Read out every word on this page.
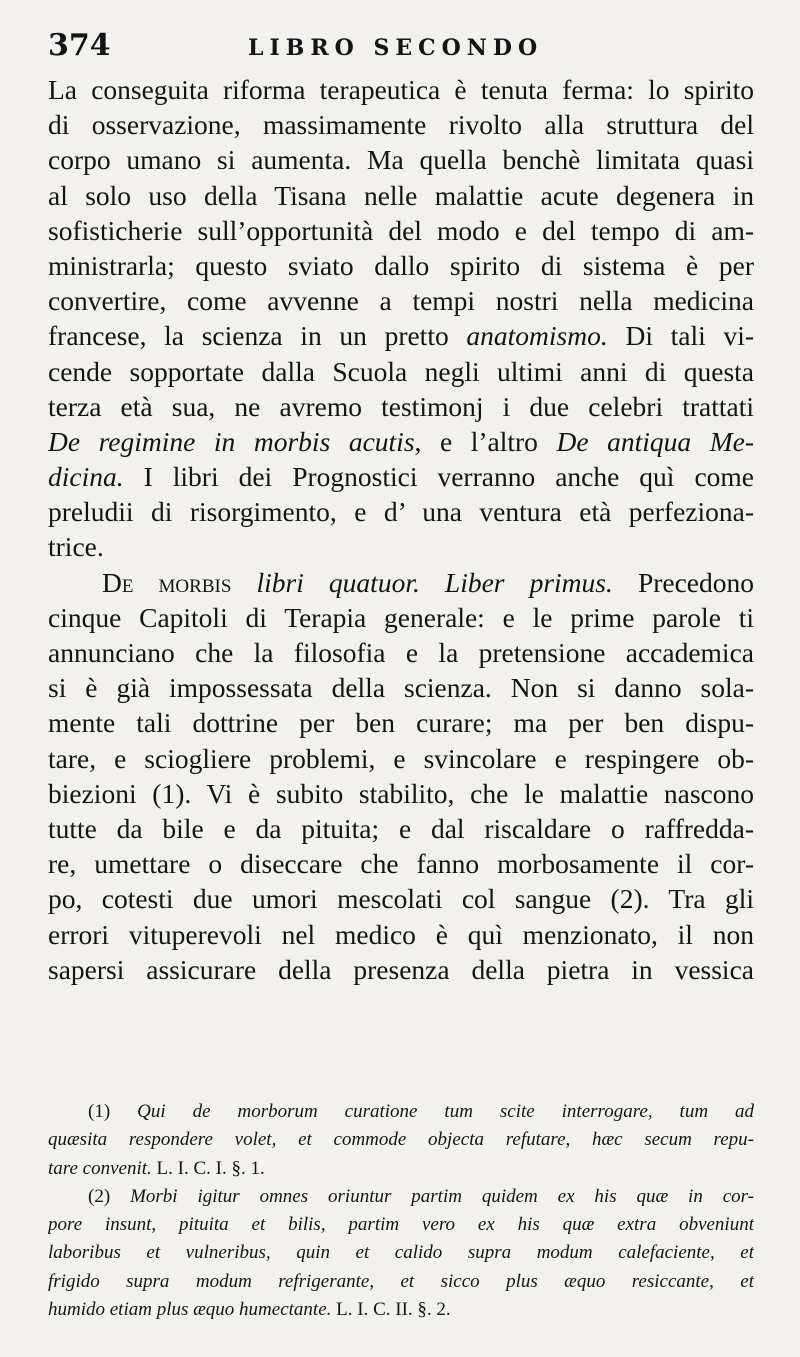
374	LIBRO SECONDO

La conseguita riforma terapeutica è tenuta ferma: lo spirito
di osservazione, massimamente rivolto alla struttura del
corpo umano si aumenta. Ma quella benchè limitata quasi
al solo uso della Tisana nelle malattie acute degenera in
sofisticherie sull’opportunità del modo e del tempo di am-
ministrarla; questo sviato dallo spirito di sistema è per
convertire, come avvenne a tempi nostri nella medicina
francese, la scienza in un pretto anatomismo. Di tali vi-
cende sopportate dalla Scuola negli ultimi anni di questa
terza età sua, ne avremo testimonj i due celebri trattati
De regimine in morbis acutis, e l’altro De antiqua Me-
dicina. I libri dei Prognostici verranno anche quì come
preludii di risorgimento, e d’ una ventura età perfeziona-
trice.

De morbis libri quatuor. Liber primus. Precedono
cinque Capitoli di Terapia generale: e le prime parole ti
annunciano che la filosofia e la pretensione accademica
si è già impossessata della scienza. Non si danno sola-
mente tali dottrine per ben curare; ma per ben dispu-
tare, e sciogliere problemi, e svincolare e respingere ob-
biezioni (1). Vi è subito stabilito, che le malattie nascono
tutte da bile e da pituita; e dal riscaldare o raffredda-
re, umettare o diseccare che fanno morbosamente il cor-
po, cotesti due umori mescolati col sangue (2). Tra gli
errori vituperevoli nel medico è quì menzionato, il non
sapersi assicurare della presenza della pietra in vessica

(1) Qui de morborum curatione tum scite interrogare, tum ad
quæsita respondere volet, et commode objecta refutare, hæc secum repu-
tare convenit. L. I. C. I. §. 1.

(2) Morbi igitur omnes oriuntur partim quidem ex his quæ in cor-
pore insunt, pituita et bilis, partim vero ex his quæ extra obveniunt
laboribus et vulneribus, quin et calido supra modum calefaciente, et
frigido supra modum refrigerante, et sicco plus æquo resiccante, et
humido etiam plus æquo humectante. L. I. C. II. §. 2.
